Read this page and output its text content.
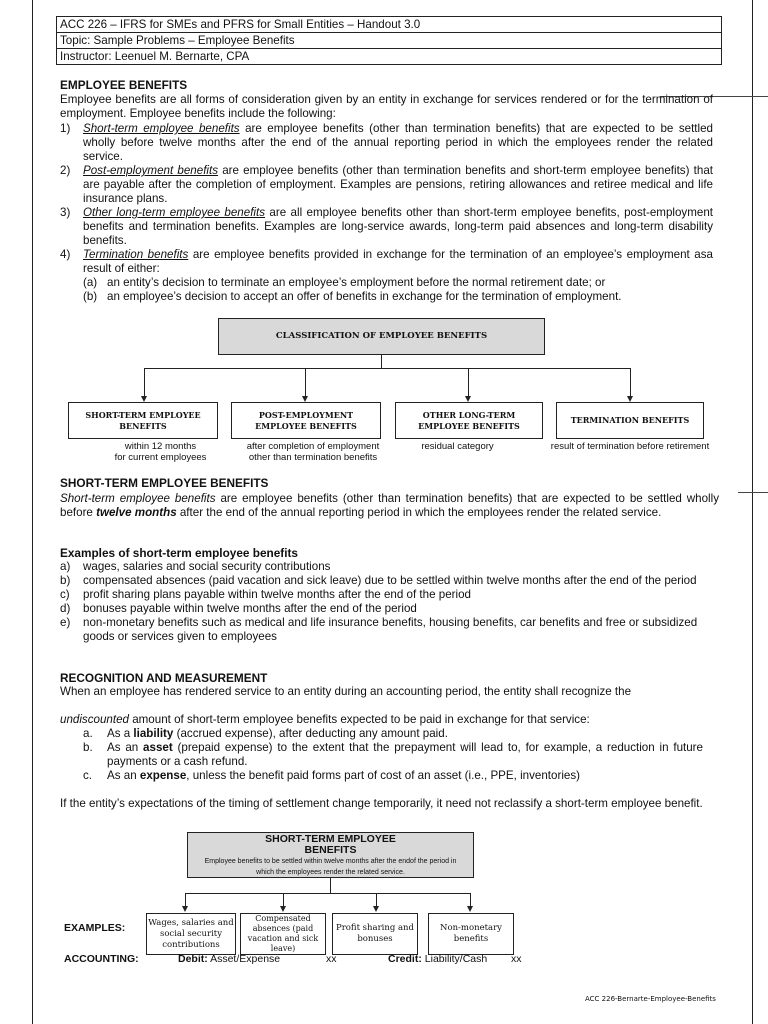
ACC 226 – IFRS for SMEs and PFRS for Small Entities – Handout 3.0
Topic: Sample Problems – Employee Benefits
Instructor: Leenuel M. Bernarte, CPA
EMPLOYEE BENEFITS
Employee benefits are all forms of consideration given by an entity in exchange for services rendered or for the termination of employment. Employee benefits include the following:
1) Short-term employee benefits are employee benefits (other than termination benefits) that are expected to be settled wholly before twelve months after the end of the annual reporting period in which the employees render the related service.
2) Post-employment benefits are employee benefits (other than termination benefits and short-term employee benefits) that are payable after the completion of employment. Examples are pensions, retiring allowances and retiree medical and life insurance plans.
3) Other long-term employee benefits are all employee benefits other than short-term employee benefits, post-employment benefits and termination benefits. Examples are long-service awards, long-term paid absences and long-term disability benefits.
4) Termination benefits are employee benefits provided in exchange for the termination of an employee’s employment asa result of either:
(a) an entity’s decision to terminate an employee’s employment before the normal retirement date; or
(b) an employee’s decision to accept an offer of benefits in exchange for the termination of employment.
CLASSIFICATION OF EMPLOYEE BENEFITS
SHORT-TERM EMPLOYEE BENEFITS
POST-EMPLOYMENT EMPLOYEE BENEFITS
OTHER LONG-TERM EMPLOYEE BENEFITS
TERMINATION BENEFITS
within 12 months
for current employees
after completion of employment
other than termination benefits
residual category	result of termination before retirement
SHORT-TERM EMPLOYEE BENEFITS
Short-term employee benefits are employee benefits (other than termination benefits) that are expected to be settled wholly before twelve months after the end of the annual reporting period in which the employees render the related service.
Examples of short-term employee benefits
a) wages, salaries and social security contributions
b) compensated absences (paid vacation and sick leave) due to be settled within twelve months after the end of the period
c) profit sharing plans payable within twelve months after the end of the period
d) bonuses payable within twelve months after the end of the period
e) non-monetary benefits such as medical and life insurance benefits, housing benefits, car benefits and free or subsidized goods or services given to employees
RECOGNITION AND MEASUREMENT
When an employee has rendered service to an entity during an accounting period, the entity shall recognize the
undiscounted amount of short-term employee benefits expected to be paid in exchange for that service:
a. As a liability (accrued expense), after deducting any amount paid.
b. As an asset (prepaid expense) to the extent that the prepayment will lead to, for example, a reduction in future payments or a cash refund.
c. As an expense, unless the benefit paid forms part of cost of an asset (i.e., PPE, inventories)
If the entity’s expectations of the timing of settlement change temporarily, it need not reclassify a short-term employee benefit.
SHORT-TERM EMPLOYEE
BENEFITS
Employee benefits to be settled within twelve months after the endof the period in which the employees render the related service.
EXAMPLES:	Wages, salaries and social security contributions
Compensated absences (paid vacation and sick leave)
Profit sharing and bonuses
Non-monetary benefits
ACCOUNTING:	Debit: Asset/Expense	xx	Credit: Liability/Cash xx
ACC 226-Bernarte-Employee-Benefits
